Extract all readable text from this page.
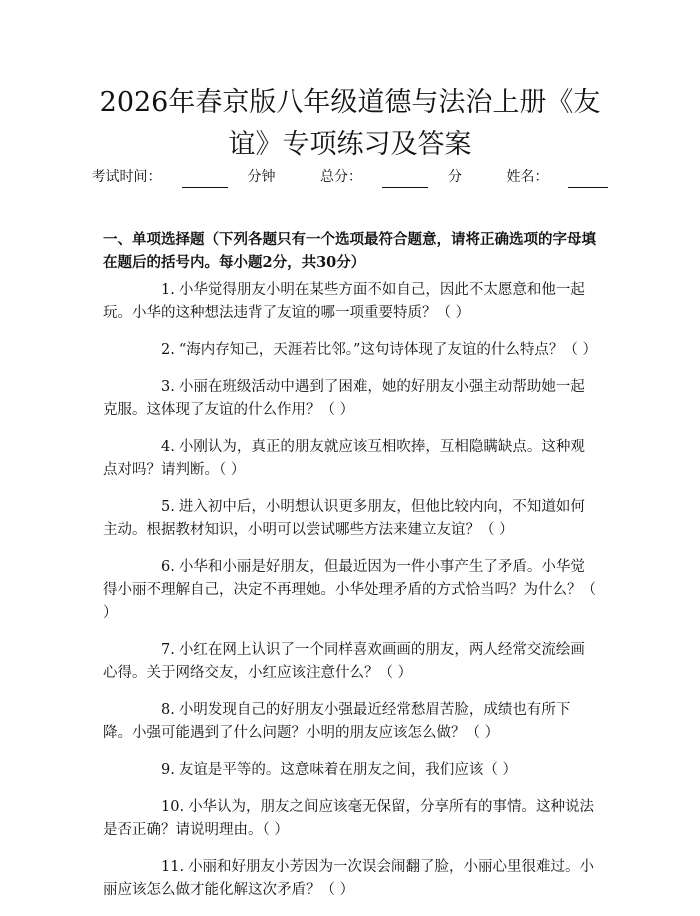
2026年春京版八年级道德与法治上册《友谊》专项练习及答案
考试时间：	分钟	总分：	分	姓名：

一、单项选择题（下列各题只有一个选项最符合题意，请将正确选项的字母填在题后的括号内。每小题2分，共30分）

1. 小华觉得朋友小明在某些方面不如自己，因此不太愿意和他一起玩。小华的这种想法违背了友谊的哪一项重要特质？（ ）

2. “海内存知己，天涯若比邻。”这句诗体现了友谊的什么特点？（ ）

3. 小丽在班级活动中遇到了困难，她的好朋友小强主动帮助她一起克服。这体现了友谊的什么作用？（ ）

4. 小刚认为，真正的朋友就应该互相吹捧，互相隐瞒缺点。这种观点对吗？请判断。（ ）

5. 进入初中后，小明想认识更多朋友，但他比较内向，不知道如何主动。根据教材知识，小明可以尝试哪些方法来建立友谊？（ ）

6. 小华和小丽是好朋友，但最近因为一件小事产生了矛盾。小华觉得小丽不理解自己，决定不再理她。小华处理矛盾的方式恰当吗？为什么？（ ）

7. 小红在网上认识了一个同样喜欢画画的朋友，两人经常交流绘画心得。关于网络交友，小红应该注意什么？（ ）

8. 小明发现自己的好朋友小强最近经常愁眉苦脸，成绩也有所下降。小强可能遇到了什么问题？小明的朋友应该怎么做？（ ）

9. 友谊是平等的。这意味着在朋友之间，我们应该（ ）

10. 小华认为，朋友之间应该毫无保留，分享所有的事情。这种说法是否正确？请说明理由。（ ）

11. 小丽和好朋友小芳因为一次误会闹翻了脸，小丽心里很难过。小丽应该怎么做才能化解这次矛盾？（ ）
